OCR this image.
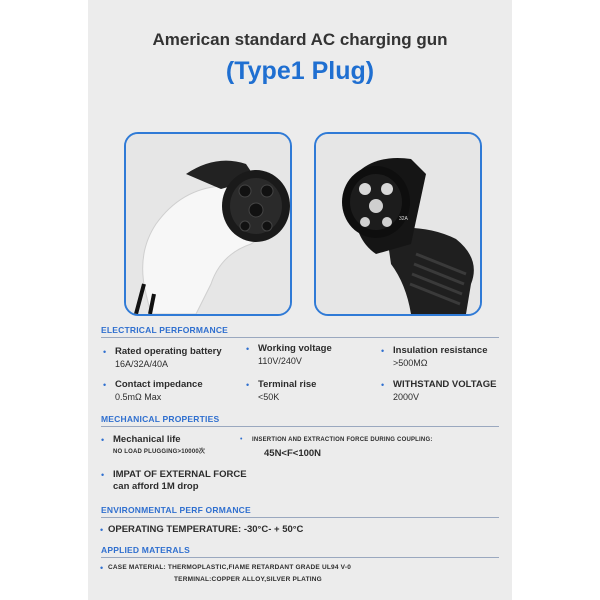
American standard AC charging gun
(Type1 Plug)
32A
ELECTRICAL PERFORMANCE
• Rated operating battery
16A/32A/40A
• Working voltage
110V/240V
• Insulation resistance
>500MΩ
• Contact impedance
0.5mΩ Max
• Terminal rise
<50K
• WITHSTAND VOLTAGE
2000V
MECHANICAL PROPERTIES
• Mechanical life
NO LOAD PLUGGING>10000次
• INSERTION AND EXTRACTION FORCE DURING COUPLING:
45N<F<100N
• IMPAT OF EXTERNAL FORCE
can afford 1M drop
ENVIRONMENTAL PERF ORMANCE
• OPERATING TEMPERATURE: -30°C- + 50°C
APPLIED MATERALS
• CASE MATERIAL: THERMOPLASTIC,FIAME RETARDANT GRADE UL94 V-0
TERMINAL:COPPER ALLOY,SILVER PLATING
